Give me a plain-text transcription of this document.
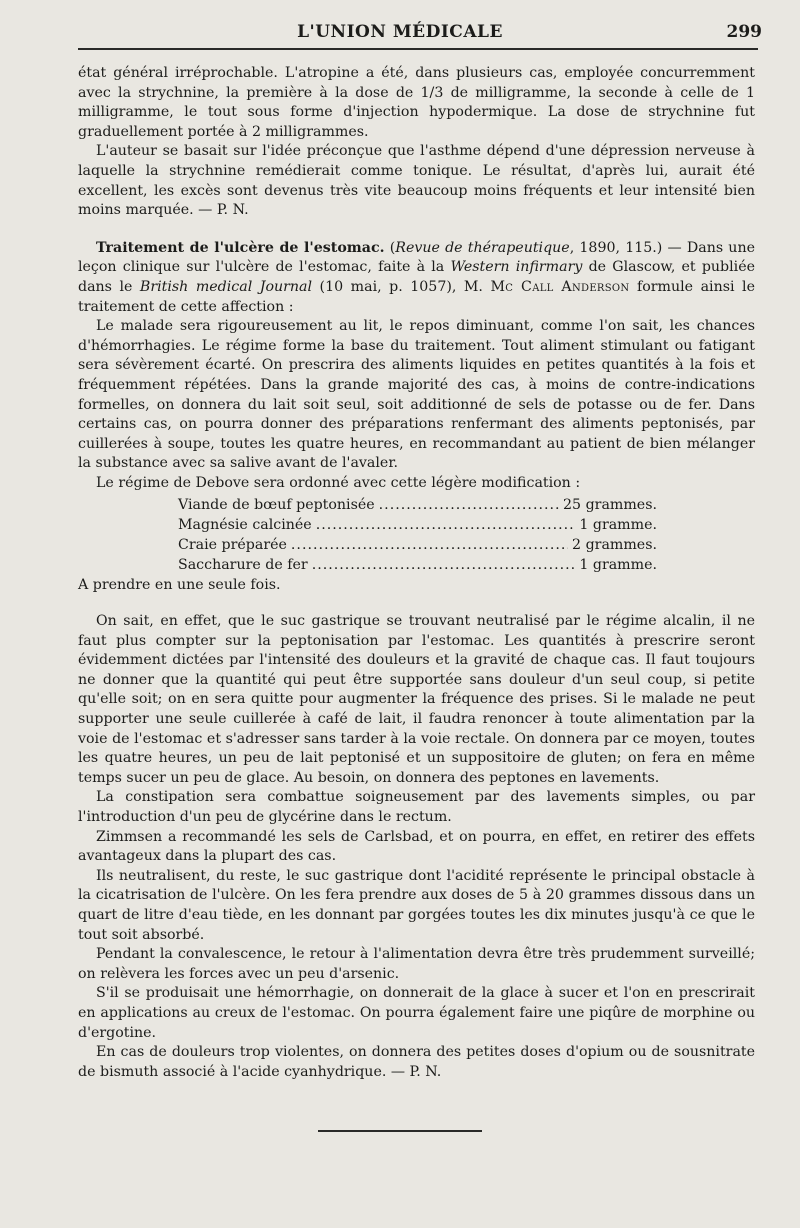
L'UNION MÉDICALE	299

état général irréprochable. L'atropine a été, dans plusieurs cas, employée concurremment avec la strychnine, la première à la dose de 1/3 de milligramme, la seconde à celle de 1 milligramme, le tout sous forme d'injection hypodermique. La dose de strychnine fut graduellement portée à 2 milligrammes.

L'auteur se basait sur l'idée préconçue que l'asthme dépend d'une dépression nerveuse à laquelle la strychnine remédierait comme tonique. Le résultat, d'après lui, aurait été excellent, les excès sont devenus très vite beaucoup moins fréquents et leur intensité bien moins marquée. — P. N.

Traitement de l'ulcère de l'estomac. (Revue de thérapeutique, 1890, 115.) — Dans une leçon clinique sur l'ulcère de l'estomac, faite à la Western infirmary de Glascow, et publiée dans le British medical Journal (10 mai, p. 1057), M. Mc Call Anderson formule ainsi le traitement de cette affection :

Le malade sera rigoureusement au lit, le repos diminuant, comme l'on sait, les chances d'hémorrhagies. Le régime forme la base du traitement. Tout aliment stimulant ou fatigant sera sévèrement écarté. On prescrira des aliments liquides en petites quantités à la fois et fréquemment répétées. Dans la grande majorité des cas, à moins de contre-indications formelles, on donnera du lait soit seul, soit additionné de sels de potasse ou de fer. Dans certains cas, on pourra donner des préparations renfermant des aliments peptonisés, par cuillerées à soupe, toutes les quatre heures, en recommandant au patient de bien mélanger la substance avec sa salive avant de l'avaler.

Le régime de Debove sera ordonné avec cette légère modification :

Viande de bœuf peptonisée .....	25 grammes.
Magnésie calcinée .....	1 gramme.
Craie préparée .....	2 grammes.
Saccharure de fer .....	1 gramme.

A prendre en une seule fois.

On sait, en effet, que le suc gastrique se trouvant neutralisé par le régime alcalin, il ne faut plus compter sur la peptonisation par l'estomac. Les quantités à prescrire seront évidemment dictées par l'intensité des douleurs et la gravité de chaque cas. Il faut toujours ne donner que la quantité qui peut être supportée sans douleur d'un seul coup, si petite qu'elle soit; on en sera quitte pour augmenter la fréquence des prises. Si le malade ne peut supporter une seule cuillerée à café de lait, il faudra renoncer à toute alimentation par la voie de l'estomac et s'adresser sans tarder à la voie rectale. On donnera par ce moyen, toutes les quatre heures, un peu de lait peptonisé et un suppositoire de gluten; on fera en même temps sucer un peu de glace. Au besoin, on donnera des peptones en lavements.

La constipation sera combattue soigneusement par des lavements simples, ou par l'introduction d'un peu de glycérine dans le rectum.

Zimmsen a recommandé les sels de Carlsbad, et on pourra, en effet, en retirer des effets avantageux dans la plupart des cas.

Ils neutralisent, du reste, le suc gastrique dont l'acidité représente le principal obstacle à la cicatrisation de l'ulcère. On les fera prendre aux doses de 5 à 20 grammes dissous dans un quart de litre d'eau tiède, en les donnant par gorgées toutes les dix minutes jusqu'à ce que le tout soit absorbé.

Pendant la convalescence, le retour à l'alimentation devra être très prudemment surveillé; on relèvera les forces avec un peu d'arsenic.

S'il se produisait une hémorrhagie, on donnerait de la glace à sucer et l'on en prescrirait en applications au creux de l'estomac. On pourra également faire une piqûre de morphine ou d'ergotine.

En cas de douleurs trop violentes, on donnera des petites doses d'opium ou de sousnitrate de bismuth associé à l'acide cyanhydrique. — P. N.
